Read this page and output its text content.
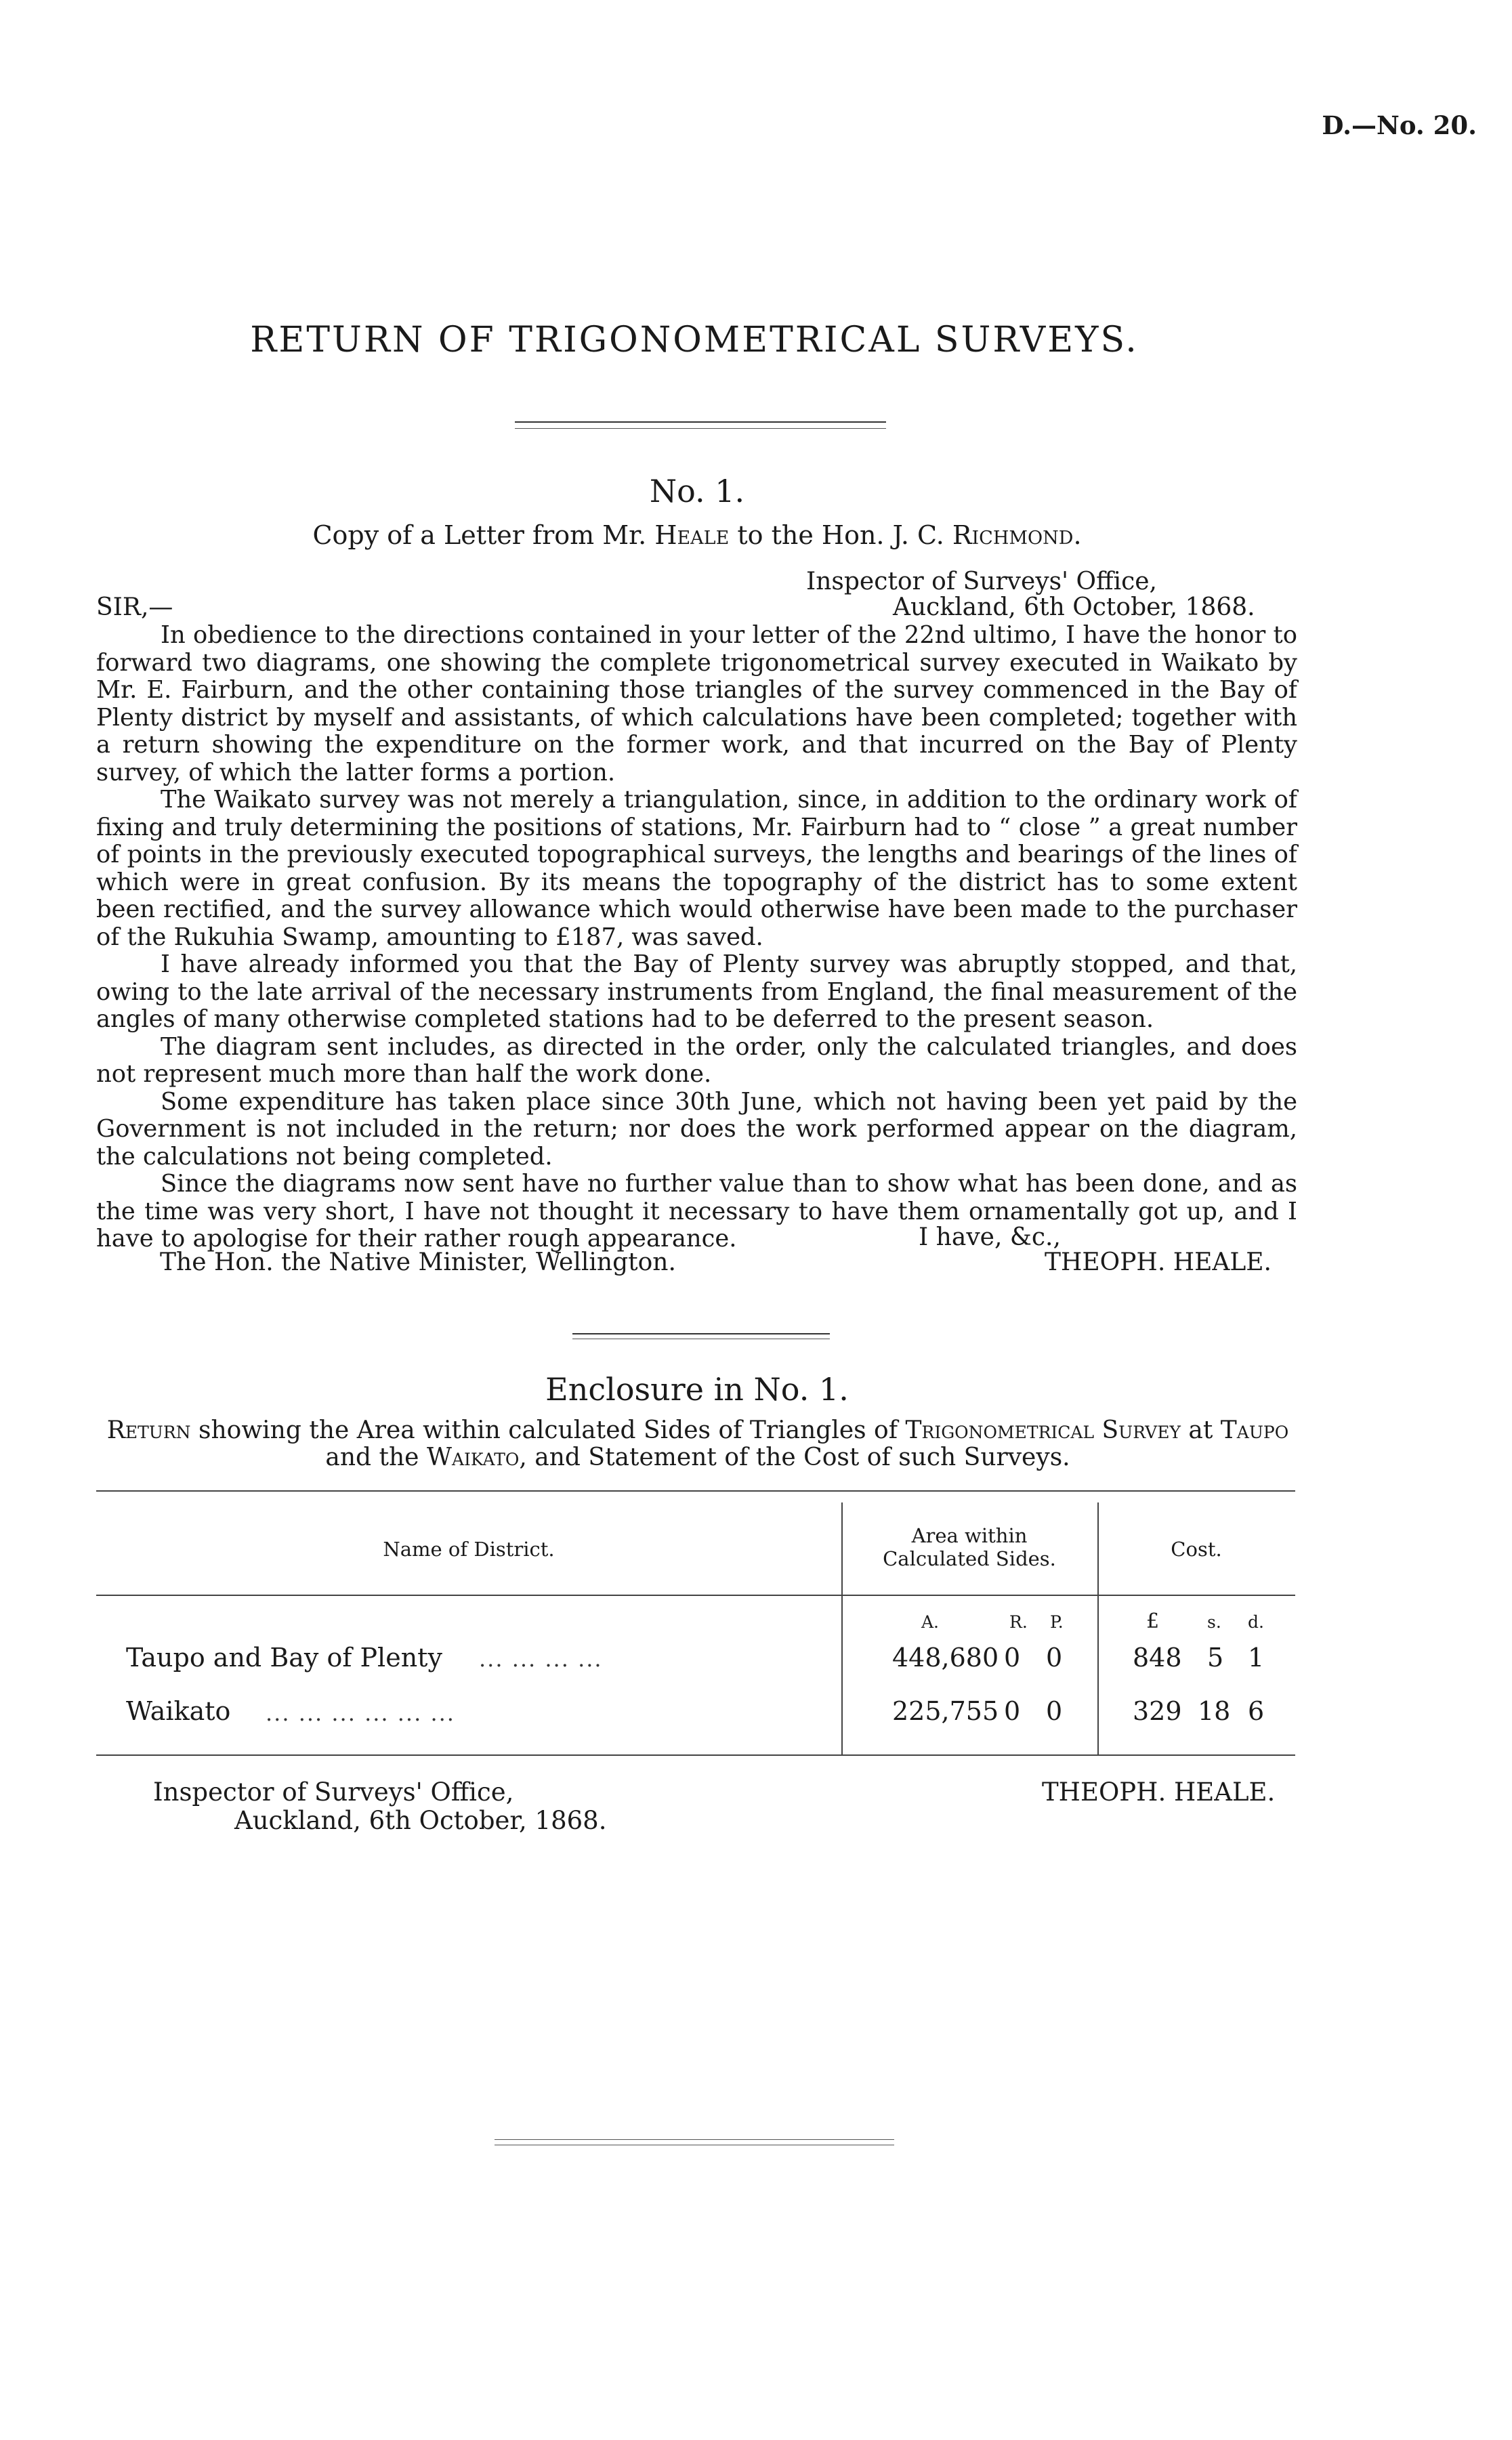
D.—No. 20.
RETURN OF TRIGONOMETRICAL SURVEYS.
No. 1.
Copy of a Letter from Mr. Heale to the Hon. J. C. Richmond.
Inspector of Surveys' Office,
Auckland, 6th October, 1868.
SIR,—

In obedience to the directions contained in your letter of the 22nd ultimo, I have the honor to forward two diagrams, one showing the complete trigonometrical survey executed in Waikato by Mr. E. Fairburn, and the other containing those triangles of the survey commenced in the Bay of Plenty district by myself and assistants, of which calculations have been completed; together with a return showing the expenditure on the former work, and that incurred on the Bay of Plenty survey, of which the latter forms a portion.

The Waikato survey was not merely a triangulation, since, in addition to the ordinary work of fixing and truly determining the positions of stations, Mr. Fairburn had to “ close ” a great number of points in the previously executed topographical surveys, the lengths and bearings of the lines of which were in great confusion. By its means the topography of the district has to some extent been rectified, and the survey allowance which would otherwise have been made to the purchaser of the Rukuhia Swamp, amounting to £187, was saved.

I have already informed you that the Bay of Plenty survey was abruptly stopped, and that, owing to the late arrival of the necessary instruments from England, the final measurement of the angles of many otherwise completed stations had to be deferred to the present season.

The diagram sent includes, as directed in the order, only the calculated triangles, and does not represent much more than half the work done.

Some expenditure has taken place since 30th June, which not having been yet paid by the Government is not included in the return; nor does the work performed appear on the diagram, the calculations not being completed.

Since the diagrams now sent have no further value than to show what has been done, and as the time was very short, I have not thought it necessary to have them ornamentally got up, and I have to apologise for their rather rough appearance.	I have, &c.,
The Hon. the Native Minister, Wellington.	THEOPH. HEALE.
Enclosure in No. 1.
Return showing the Area within calculated Sides of Triangles of Trigonometrical Survey at Taupo and the Waikato, and Statement of the Cost of such Surveys.
Name of District.
Area within
Calculated Sides.	Cost.
A.	R. P.	£	s. d.
Taupo and Bay of Plenty ... ... ... ...	448,680 0 0	848 5 1
Waikato ... ... ... ... ... ...	225,755 0 0	329 18 6
Inspector of Surveys' Office,
Auckland, 6th October, 1868.
THEOPH. HEALE.
